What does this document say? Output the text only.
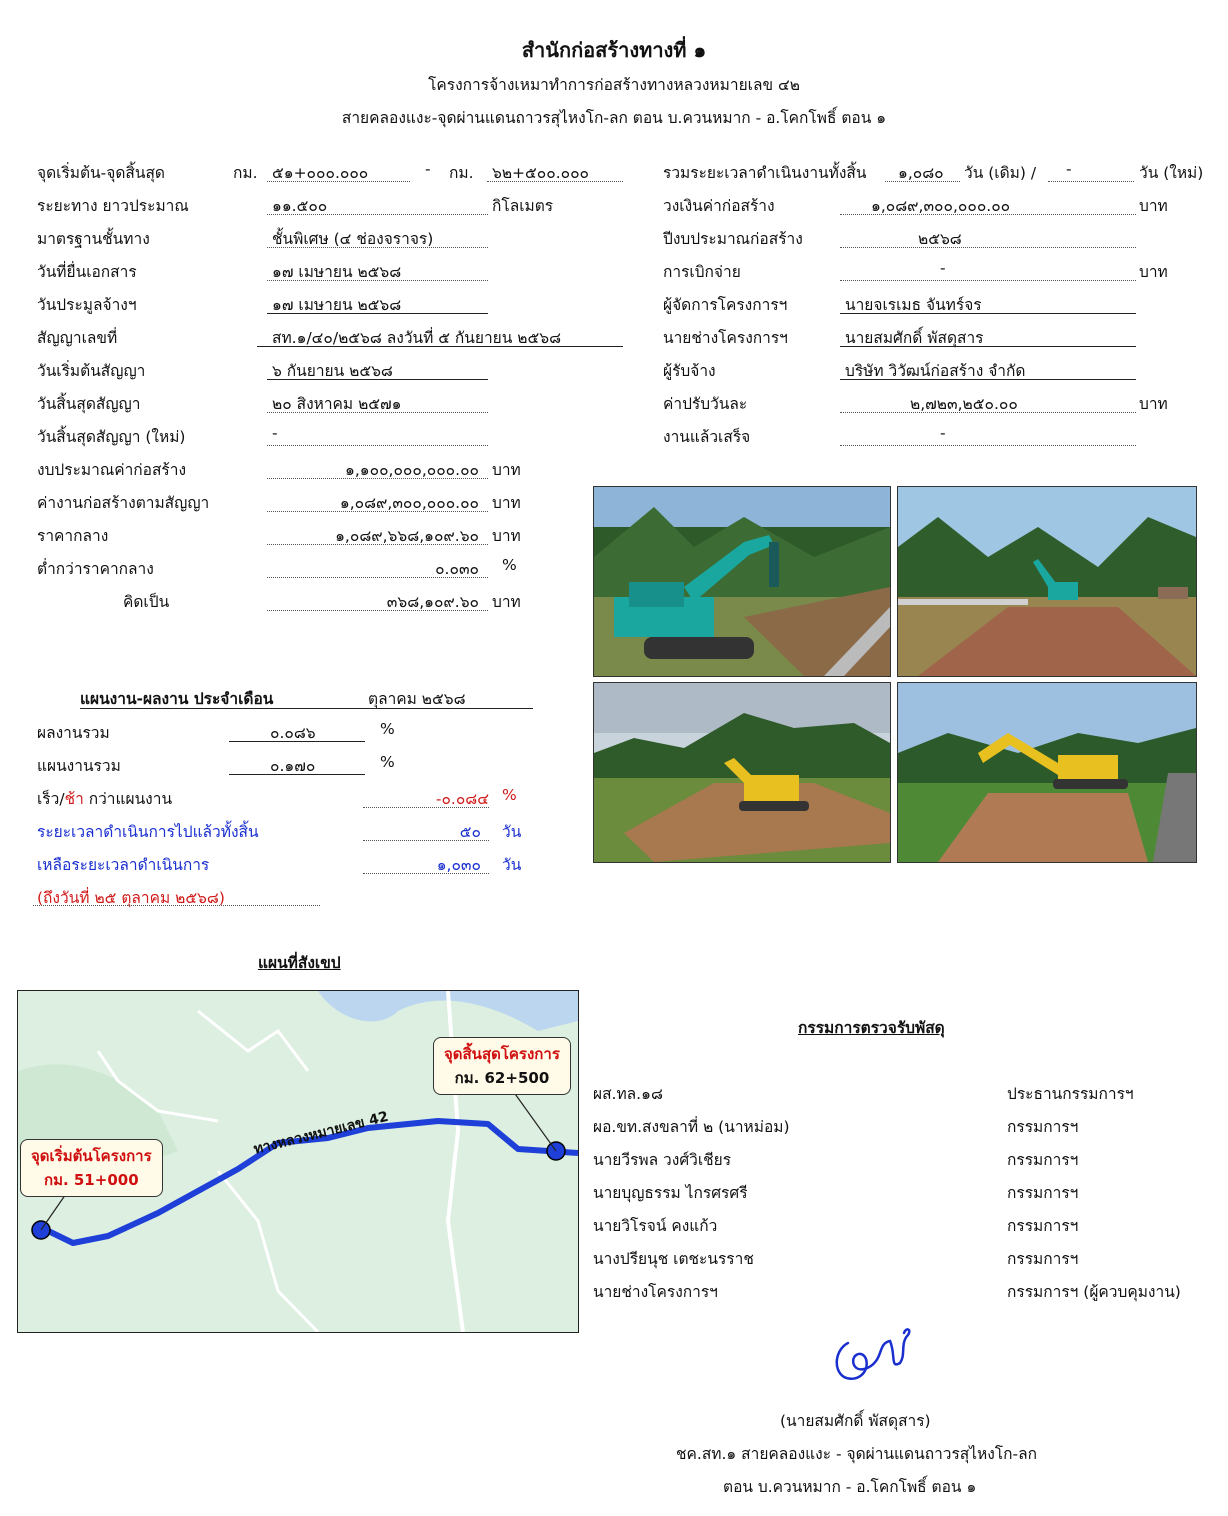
สำนักก่อสร้างทางที่ ๑
โครงการจ้างเหมาทำการก่อสร้างทางหลวงหมายเลข ๔๒
สายคลองแงะ-จุดผ่านแดนถาวรสุไหงโก-ลก ตอน บ.ควนหมาก - อ.โคกโพธิ์ ตอน ๑
จุดเริ่มต้น-จุดสิ้นสุด	กม. ๕๑+๐๐๐.๐๐๐	- กม. ๖๒+๕๐๐.๐๐๐
ระยะทาง ยาวประมาณ	๑๑.๕๐๐	กิโลเมตร
มาตรฐานชั้นทาง	ชั้นพิเศษ (๔ ช่องจราจร)
วันที่ยื่นเอกสาร	๑๗ เมษายน ๒๕๖๘
วันประมูลจ้างฯ	๑๗ เมษายน ๒๕๖๘
สัญญาเลขที่	สท.๑/๔๐/๒๕๖๘ ลงวันที่ ๕ กันยายน ๒๕๖๘
วันเริ่มต้นสัญญา	๖ กันยายน ๒๕๖๘
วันสิ้นสุดสัญญา	๒๐ สิงหาคม ๒๕๗๑
วันสิ้นสุดสัญญา (ใหม่)	-
งบประมาณค่าก่อสร้าง	๑,๑๐๐,๐๐๐,๐๐๐.๐๐ บาท
ค่างานก่อสร้างตามสัญญา	๑,๐๘๙,๓๐๐,๐๐๐.๐๐ บาท
ราคากลาง	๑,๐๘๙,๖๖๘,๑๐๙.๖๐ บาท
ต่ำกว่าราคากลาง	๐.๐๓๐ %
คิดเป็น	๓๖๘,๑๐๙.๖๐ บาท
รวมระยะเวลาดำเนินงานทั้งสิ้น ๑,๐๘๐ วัน (เดิม) / -	วัน (ใหม่)
วงเงินค่าก่อสร้าง	๑,๐๘๙,๓๐๐,๐๐๐.๐๐	บาท
ปีงบประมาณก่อสร้าง	๒๕๖๘
การเบิกจ่าย	-	บาท
ผู้จัดการโครงการฯ	นายจเรเมธ จันทร์จร
นายช่างโครงการฯ	นายสมศักดิ์ พัสดุสาร
ผู้รับจ้าง	บริษัท วิวัฒน์ก่อสร้าง จำกัด
ค่าปรับวันละ	๒,๗๒๓,๒๕๐.๐๐	บาท
งานแล้วเสร็จ	-
แผนงาน-ผลงาน ประจำเดือน	ตุลาคม ๒๕๖๘
ผลงานรวม	๐.๐๘๖	%
แผนงานรวม	๐.๑๗๐	%
เร็ว/ช้า กว่าแผนงาน	-๐.๐๘๔ %
ระยะเวลาดำเนินการไปแล้วทั้งสิ้น	๕๐ วัน
เหลือระยะเวลาดำเนินการ	๑,๐๓๐ วัน
(ถึงวันที่ ๒๕ ตุลาคม ๒๕๖๘)
แผนที่สังเขป
ทางหลวงหมายเลข 42
จุดเริ่มต้นโครงการ
กม. 51+000
จุดสิ้นสุดโครงการ
กม. 62+500
กรรมการตรวจรับพัสดุ
ผส.ทล.๑๘	ประธานกรรมการฯ
ผอ.ขท.สงขลาที่ ๒ (นาหม่อม)	กรรมการฯ
นายวีรพล วงศ์วิเชียร	กรรมการฯ
นายบุญธรรม ไกรศรศรี	กรรมการฯ
นายวิโรจน์ คงแก้ว	กรรมการฯ
นางปรียนุช เตชะนรราช	กรรมการฯ
นายช่างโครงการฯ	กรรมการฯ (ผู้ควบคุมงาน)
(นายสมศักดิ์ พัสดุสาร)
ชค.สท.๑ สายคลองแงะ - จุดผ่านแดนถาวรสุไหงโก-ลก
ตอน บ.ควนหมาก - อ.โคกโพธิ์ ตอน ๑
